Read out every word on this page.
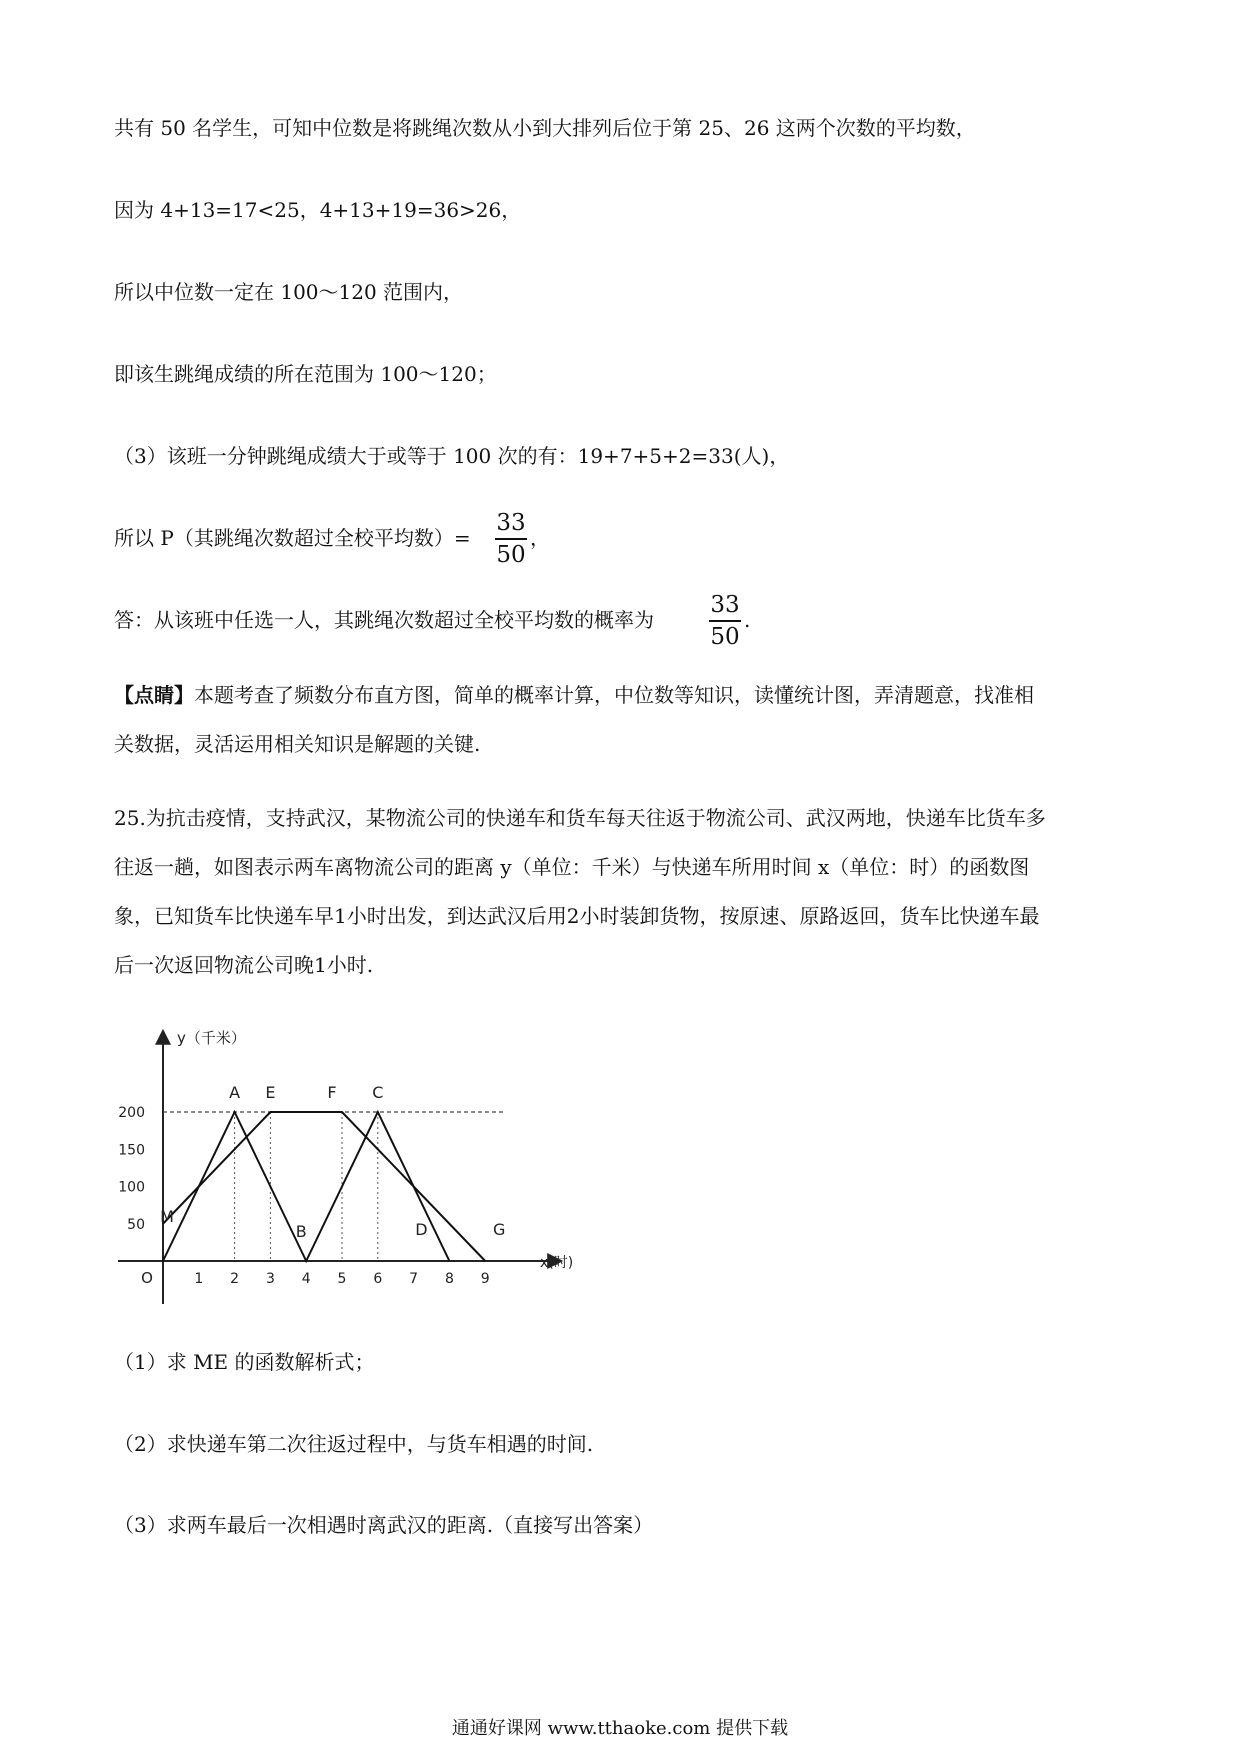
共有 50 名学生，可知中位数是将跳绳次数从小到大排列后位于第 25、26 这两个次数的平均数，
因为 4+13=17<25，4+13+19=36>26，
所以中位数一定在 100～120 范围内，
即该生跳绳成绩的所在范围为 100～120；
（3）该班一分钟跳绳成绩大于或等于 100 次的有：19+7+5+2=33(人)，
所以 P（其跳绳次数超过全校平均数）=
33
50
，
答：从该班中任选一人，其跳绳次数超过全校平均数的概率为
33
50
.
【点睛】本题考查了频数分布直方图，简单的概率计算，中位数等知识，读懂统计图，弄清题意，找准相
关数据，灵活运用相关知识是解题的关键.
25.为抗击疫情，支持武汉，某物流公司的快递车和货车每天往返于物流公司、武汉两地，快递车比货车多
往返一趟，如图表示两车离物流公司的距离 y（单位：千米）与快递车所用时间 x（单位：时）的函数图
象，已知货车比快递车早1小时出发，到达武汉后用2小时装卸货物，按原速、原路返回，货车比快递车最
后一次返回物流公司晚1小时.
1 2 3 4 5 6 7 8 9
50
100
150
200
O
y（千米）
x(时)
A E	F C
B	D	G
M
（1）求 ME 的函数解析式；
（2）求快递车第二次往返过程中，与货车相遇的时间.
（3）求两车最后一次相遇时离武汉的距离.（直接写出答案）
通通好课网 www.tthaoke.com 提供下载
